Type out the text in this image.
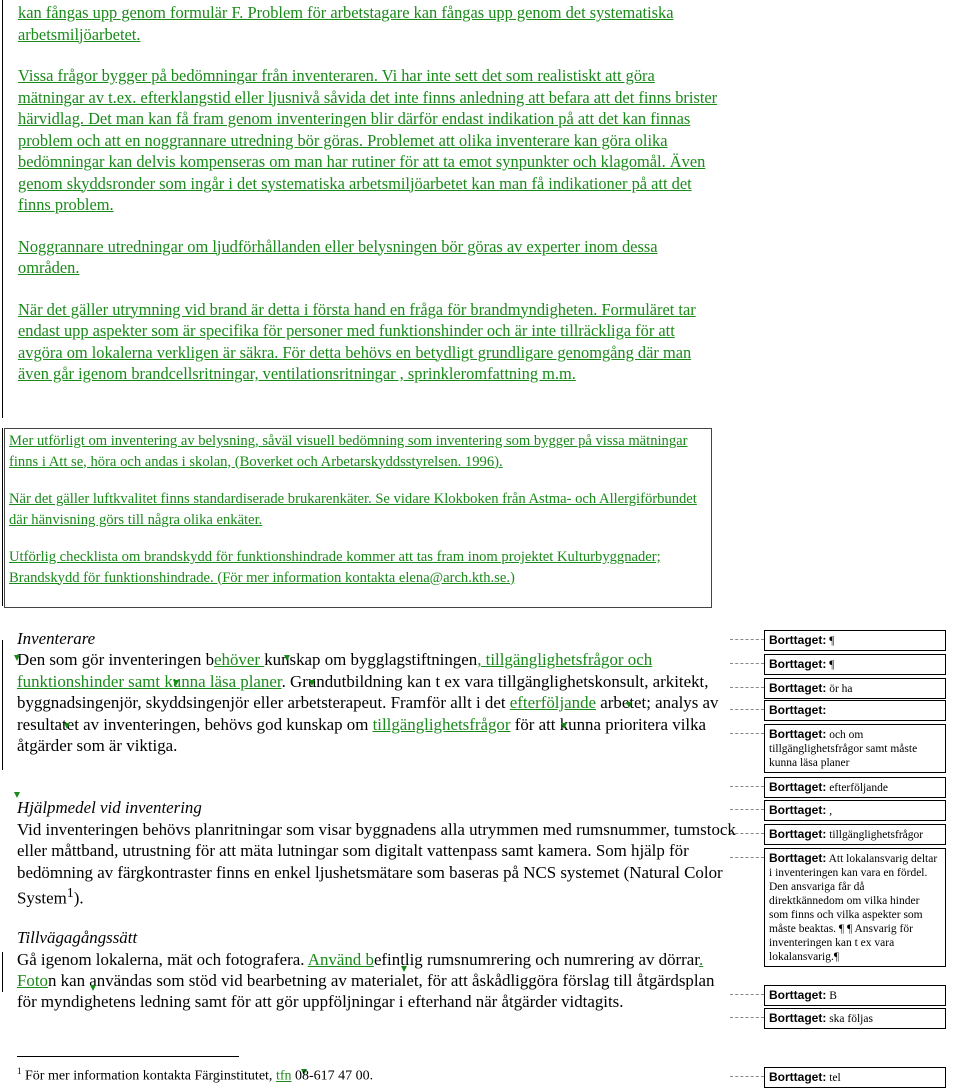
kan fångas upp genom formulär F. Problem för arbetstagare kan fångas upp genom det systematiska arbetsmiljöarbetet.

Vissa frågor bygger på bedömningar från inventeraren. Vi har inte sett det som realistiskt att göra mätningar av t.ex. efterklangstid eller ljusnivå såvida det inte finns anledning att befara att det finns brister härvidlag. Det man kan få fram genom inventeringen blir därför endast indikation på att det kan finnas problem och att en noggrannare utredning bör göras. Problemet att olika inventerare kan göra olika bedömningar kan delvis kompenseras om man har rutiner för att ta emot synpunkter och klagomål. Även genom skyddsronder som ingår i det systematiska arbetsmiljöarbetet kan man få indikationer på att det finns problem.

Noggrannare utredningar om ljudförhållanden eller belysningen bör göras av experter inom dessa områden.

När det gäller utrymning vid brand är detta i första hand en fråga för brandmyndigheten. Formuläret tar endast upp aspekter som är specifika för personer med funktionshinder och är inte tillräckliga för att avgöra om lokalerna verkligen är säkra. För detta behövs en betydligt grundligare genomgång där man även går igenom brandcellsritningar, ventilationsritningar , sprinkleromfattning m.m.

Mer utförligt om inventering av belysning, såväl visuell bedömning som inventering som bygger på vissa mätningar finns i Att se, höra och andas i skolan, (Boverket och Arbetarskyddsstyrelsen. 1996).

När det gäller luftkvalitet finns standardiserade brukarenkäter. Se vidare Klokboken från Astma- och Allergiförbundet där hänvisning görs till några olika enkäter.

Utförlig checklista om brandskydd för funktionshindrade kommer att tas fram inom projektet Kulturbyggnader; Brandskydd för funktionshindrade. (För mer information kontakta elena@arch.kth.se.)

Inventerare

Den som gör inventeringen behöver kunskap om bygglagstiftningen, tillgänglighetsfrågor och funktionshinder samt kunna läsa planer. Grundutbildning kan t ex vara tillgänglighetskonsult, arkitekt, byggnadsingenjör, skyddsingenjör eller arbetsterapeut. Framför allt i det efterföljande arbetet; analys av resultatet av inventeringen, behövs god kunskap om tillgänglighetsfrågor för att kunna prioritera vilka åtgärder som är viktiga.

Hjälpmedel vid inventering

Vid inventeringen behövs planritningar som visar byggnadens alla utrymmen med rumsnummer, tumstock eller måttband, utrustning för att mäta lutningar som digitalt vattenpass samt kamera. Som hjälp för bedömning av färgkontraster finns en enkel ljushetsmätare som baseras på NCS systemet (Natural Color System$^1$).

Tillvägagångssätt

Gå igenom lokalerna, mät och fotografera. Använd befintlig rumsnumrering och numrering av dörrar. Foton kan användas som stöd vid bearbetning av materialet, för att åskådliggöra förslag till åtgärdsplan för myndighetens ledning samt för att gör uppföljningar i efterhand när åtgärder vidtagits.

$^1$ För mer information kontakta Färginstitutet, tfn 08-617 47 00.
Borttaget: ¶
Borttaget: ¶
Borttaget: ör ha
Borttaget:
Borttaget: och om tillgänglighetsfrågor samt måste kunna läsa planer
Borttaget: efterföljande
Borttaget: ,
Borttaget: tillgänglighetsfrågor
Borttaget: Att lokalansvarig deltar i inventeringen kan vara en fördel. Den ansvariga får då direktkännedom om vilka hinder som finns och vilka aspekter som måste beaktas. ¶ ¶ Ansvarig för inventeringen kan t ex vara lokalansvarig.¶
Borttaget: B
Borttaget: ska följas
Borttaget: tel
